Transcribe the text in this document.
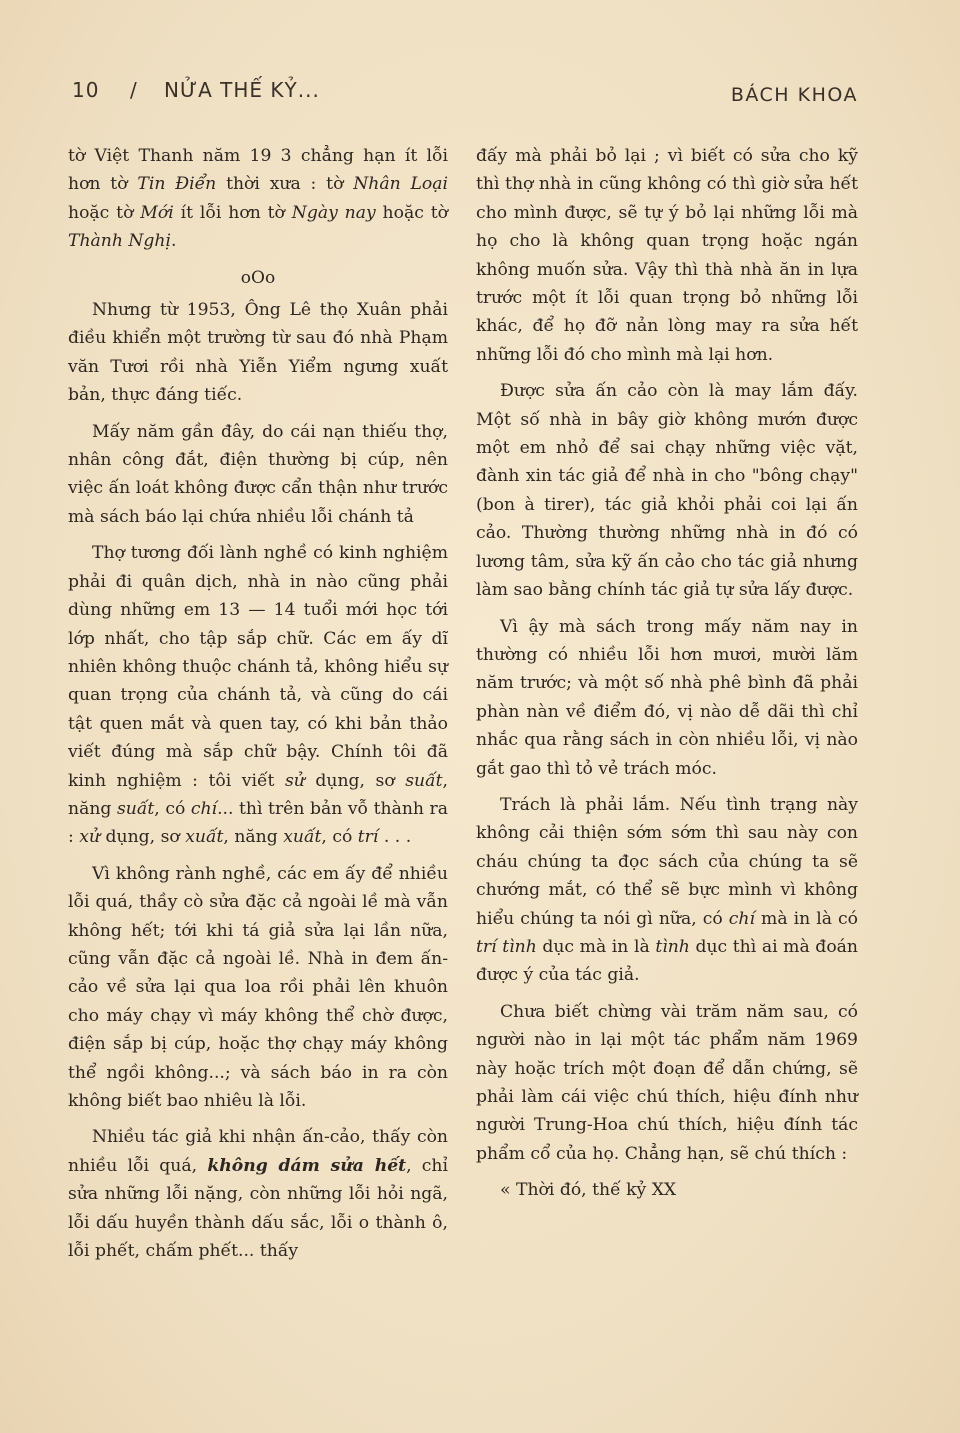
10 / NỬA THẾ KỶ...	BÁCH KHOA

tờ Việt Thanh năm 19 3 chẳng hạn ít lỗi hơn tờ Tin Điển thời xưa : tờ Nhân Loại hoặc tờ Mới ít lỗi hơn tờ Ngày nay hoặc tờ Thành Nghị.

oOo

Nhưng từ 1953, Ông Lê thọ Xuân phải điều khiển một trường từ sau đó nhà Phạm văn Tươi rồi nhà Yiễn Yiểm ngưng xuất bản, thực đáng tiếc.

Mấy năm gần đây, do cái nạn thiếu thợ, nhân công đắt, điện thường bị cúp, nên việc ấn loát không được cẩn thận như trước mà sách báo lại chứa nhiều lỗi chánh tả

Thợ tương đối lành nghề có kinh nghiệm phải đi quân dịch, nhà in nào cũng phải dùng những em 13 — 14 tuổi mới học tới lớp nhất, cho tập sắp chữ. Các em ấy dĩ nhiên không thuộc chánh tả, không hiểu sự quan trọng của chánh tả, và cũng do cái tật quen mắt và quen tay, có khi bản thảo viết đúng mà sắp chữ bậy. Chính tôi đã kinh nghiệm : tôi viết sử dụng, sơ suất, năng suất, có chí... thì trên bản vỗ thành ra : xử dụng, sơ xuất, năng xuất, có trí . . .

Vì không rành nghề, các em ấy để nhiều lỗi quá, thầy cò sửa đặc cả ngoài lề mà vẫn không hết; tới khi tá giả sửa lại lần nữa, cũng vẫn đặc cả ngoài lề. Nhà in đem ấn-cảo về sửa lại qua loa rồi phải lên khuôn cho máy chạy vì máy không thể chờ được, điện sắp bị cúp, hoặc thợ chạy máy không thể ngồi không...; và sách báo in ra còn không biết bao nhiêu là lỗi.

Nhiều tác giả khi nhận ấn-cảo, thấy còn nhiều lỗi quá, không dám sửa hết, chỉ sửa những lỗi nặng, còn những lỗi hỏi ngã, lỗi dấu huyền thành dấu sắc, lỗi o thành ô, lỗi phết, chấm phết... thấy

đấy mà phải bỏ lại ; vì biết có sửa cho kỹ thì thợ nhà in cũng không có thì giờ sửa hết cho mình được, sẽ tự ý bỏ lại những lỗi mà họ cho là không quan trọng hoặc ngán không muốn sửa. Vậy thì thà nhà ăn in lựa trước một ít lỗi quan trọng bỏ những lỗi khác, để họ đỡ nản lòng may ra sửa hết những lỗi đó cho mình mà lại hơn.

Được sửa ấn cảo còn là may lắm đấy. Một số nhà in bây giờ không mướn được một em nhỏ để sai chạy những việc vặt, đành xin tác giả để nhà in cho "bông chạy" (bon à tirer), tác giả khỏi phải coi lại ấn cảo. Thường thường những nhà in đó có lương tâm, sửa kỹ ấn cảo cho tác giả nhưng làm sao bằng chính tác giả tự sửa lấy được.

Vì ậy mà sách trong mấy năm nay in thường có nhiều lỗi hơn mươi, mười lăm năm trước; và một số nhà phê bình đã phải phàn nàn về điểm đó, vị nào dễ dãi thì chỉ nhắc qua rằng sách in còn nhiều lỗi, vị nào gắt gao thì tỏ vẻ trách móc.

Trách là phải lắm. Nếu tình trạng này không cải thiện sớm sớm thì sau này con cháu chúng ta đọc sách của chúng ta sẽ chướng mắt, có thể sẽ bực mình vì không hiểu chúng ta nói gì nữa, có chí mà in là có trí tình dục mà in là tình dục thì ai mà đoán được ý của tác giả.

Chưa biết chừng vài trăm năm sau, có người nào in lại một tác phẩm năm 1969 này hoặc trích một đoạn để dẫn chứng, sẽ phải làm cái việc chú thích, hiệu đính như người Trung-Hoa chú thích, hiệu đính tác phẩm cổ của họ. Chẳng hạn, sẽ chú thích :

« Thời đó, thế kỷ XX
